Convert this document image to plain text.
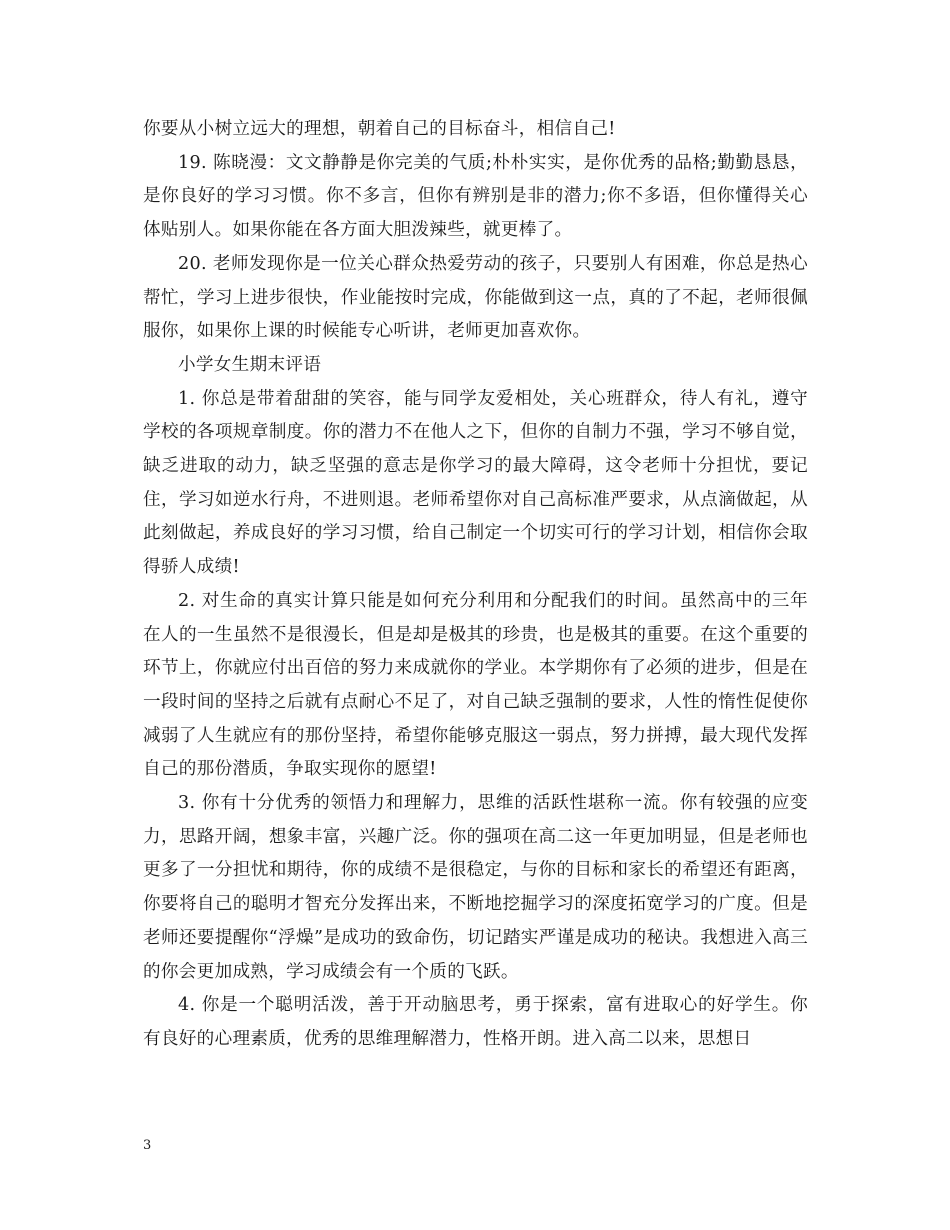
你要从小树立远大的理想，朝着自己的目标奋斗，相信自己!

19. 陈晓漫：文文静静是你完美的气质;朴朴实实，是你优秀的品格;勤勤恳恳，是你良好的学习习惯。你不多言，但你有辨别是非的潜力;你不多语，但你懂得关心体贴别人。如果你能在各方面大胆泼辣些，就更棒了。

20. 老师发现你是一位关心群众热爱劳动的孩子，只要别人有困难，你总是热心帮忙，学习上进步很快，作业能按时完成，你能做到这一点，真的了不起，老师很佩服你，如果你上课的时候能专心听讲，老师更加喜欢你。

小学女生期末评语

1. 你总是带着甜甜的笑容，能与同学友爱相处，关心班群众，待人有礼，遵守学校的各项规章制度。你的潜力不在他人之下，但你的自制力不强，学习不够自觉，缺乏进取的动力，缺乏坚强的意志是你学习的最大障碍，这令老师十分担忧，要记住，学习如逆水行舟，不进则退。老师希望你对自己高标准严要求，从点滴做起，从此刻做起，养成良好的学习习惯，给自己制定一个切实可行的学习计划，相信你会取得骄人成绩!

2. 对生命的真实计算只能是如何充分利用和分配我们的时间。虽然高中的三年在人的一生虽然不是很漫长，但是却是极其的珍贵，也是极其的重要。在这个重要的环节上，你就应付出百倍的努力来成就你的学业。本学期你有了必须的进步，但是在一段时间的坚持之后就有点耐心不足了，对自己缺乏强制的要求，人性的惰性促使你减弱了人生就应有的那份坚持，希望你能够克服这一弱点，努力拼搏，最大现代发挥自己的那份潜质，争取实现你的愿望!

3. 你有十分优秀的领悟力和理解力，思维的活跃性堪称一流。你有较强的应变力，思路开阔，想象丰富，兴趣广泛。你的强项在高二这一年更加明显，但是老师也更多了一分担忧和期待，你的成绩不是很稳定，与你的目标和家长的希望还有距离，你要将自己的聪明才智充分发挥出来，不断地挖掘学习的深度拓宽学习的广度。但是老师还要提醒你“浮燥”是成功的致命伤，切记踏实严谨是成功的秘诀。我想进入高三的你会更加成熟，学习成绩会有一个质的飞跃。

4. 你是一个聪明活泼，善于开动脑思考，勇于探索，富有进取心的好学生。你有良好的心理素质，优秀的思维理解潜力，性格开朗。进入高二以来，思想日

3
